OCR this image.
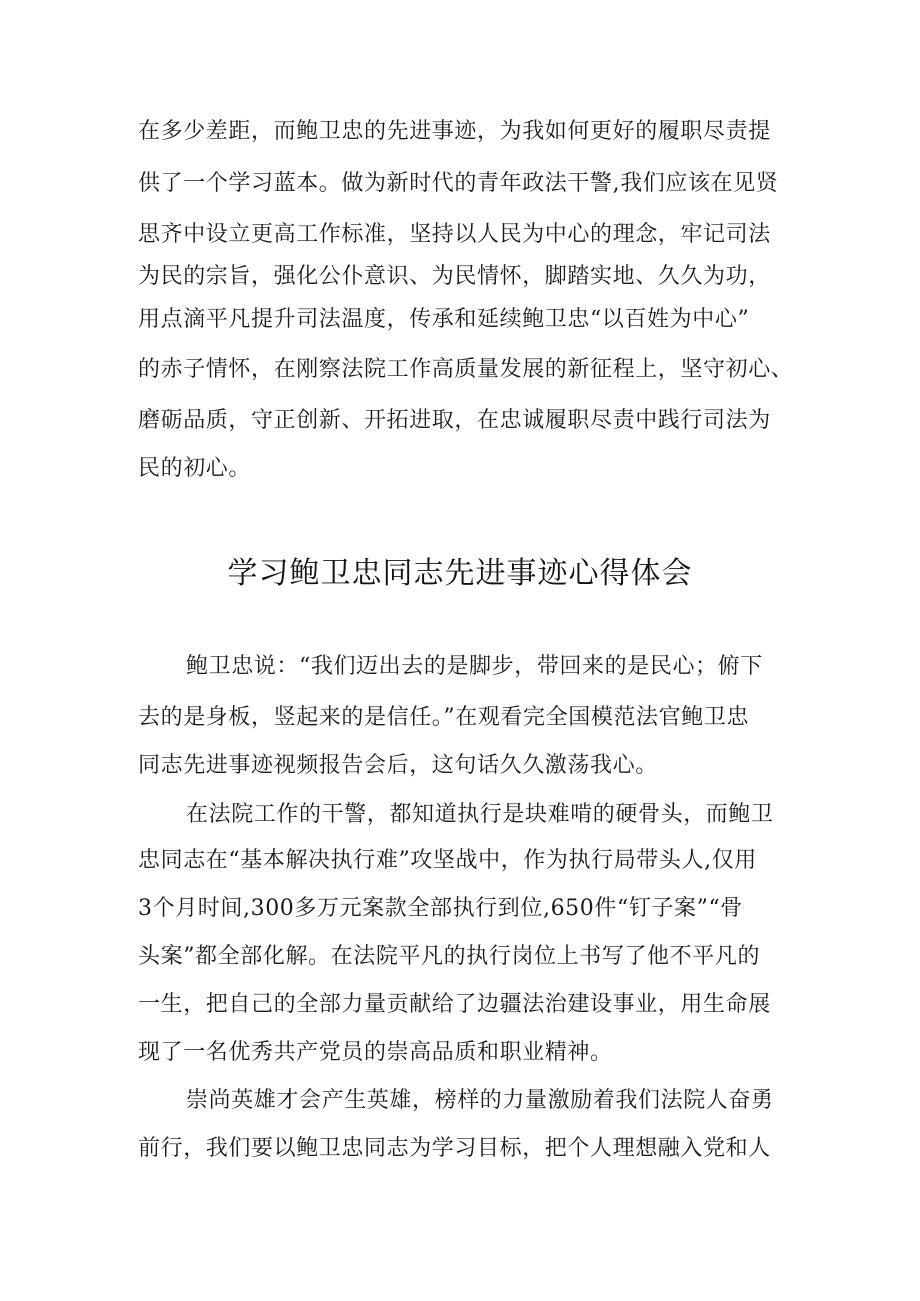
在多少差距，而鲍卫忠的先进事迹，为我如何更好的履职尽责提
供了一个学习蓝本。做为新时代的青年政法干警,我们应该在见贤
思齐中设立更高工作标准，坚持以人民为中心的理念，牢记司法
为民的宗旨，强化公仆意识、为民情怀，脚踏实地、久久为功，
用点滴平凡提升司法温度，传承和延续鲍卫忠“以百姓为中心”
的赤子情怀，在刚察法院工作高质量发展的新征程上，坚守初心、
磨砺品质，守正创新、开拓进取，在忠诚履职尽责中践行司法为
民的初心。
学习鲍卫忠同志先进事迹心得体会
鲍卫忠说：“我们迈出去的是脚步，带回来的是民心；俯下
去的是身板，竖起来的是信任。”在观看完全国模范法官鲍卫忠
同志先进事迹视频报告会后，这句话久久激荡我心。
在法院工作的干警，都知道执行是块难啃的硬骨头，而鲍卫
忠同志在“基本解决执行难”攻坚战中，作为执行局带头人,仅用
3个月时间,300多万元案款全部执行到位,650件“钉子案”“骨
头案”都全部化解。在法院平凡的执行岗位上书写了他不平凡的
一生，把自己的全部力量贡献给了边疆法治建设事业，用生命展
现了一名优秀共产党员的崇高品质和职业精神。
崇尚英雄才会产生英雄，榜样的力量激励着我们法院人奋勇
前行，我们要以鲍卫忠同志为学习目标，把个人理想融入党和人
